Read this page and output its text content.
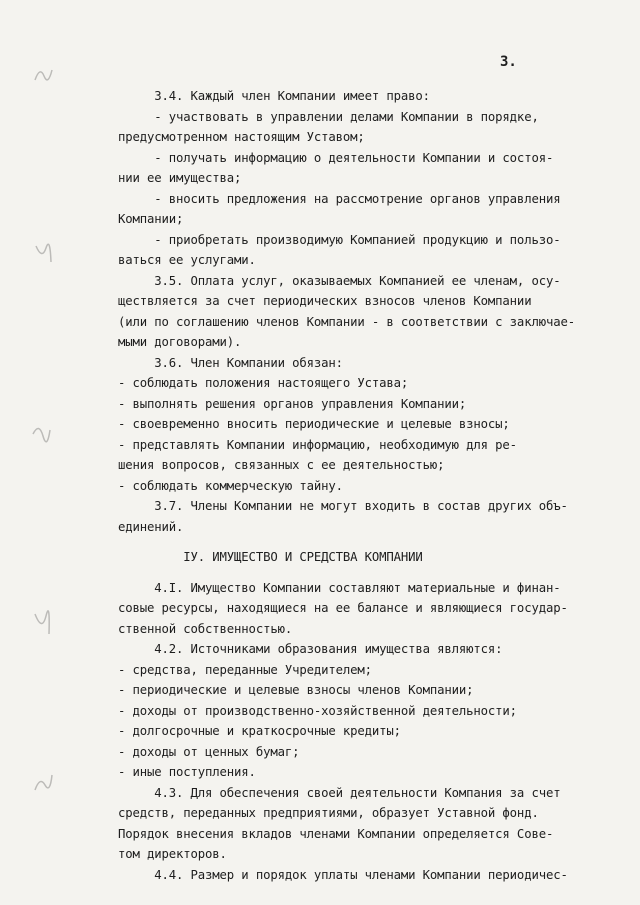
3.
3.4. Каждый член Компании имеет право:
- участвовать в управлении делами Компании в порядке,
предусмотренном настоящим Уставом;
- получать информацию о деятельности Компании и состоя-
нии ее имущества;
- вносить предложения на рассмотрение органов управления
Компании;
- приобретать производимую Компанией продукцию и пользо-
ваться ее услугами.
3.5. Оплата услуг, оказываемых Компанией ее членам, осу-
ществляется за счет периодических взносов членов Компании
(или по соглашению членов Компании - в соответствии с заключае-
мыми договорами).
3.6. Член Компании обязан:
- соблюдать положения настоящего Устава;
- выполнять решения органов управления Компании;
- своевременно вносить периодические и целевые взносы;
- представлять Компании информацию, необходимую для ре-
шения вопросов, связанных с ее деятельностью;
- соблюдать коммерческую тайну.
3.7. Члены Компании не могут входить в состав других объ-
единений.
IУ. ИМУЩЕСТВО И СРЕДСТВА КОМПАНИИ
4.I. Имущество Компании составляют материальные и финан-
совые ресурсы, находящиеся на ее балансе и являющиеся государ-
ственной собственностью.
4.2. Источниками образования имущества являются:
- средства, переданные Учредителем;
- периодические и целевые взносы членов Компании;
- доходы от производственно-хозяйственной деятельности;
- долгосрочные и краткосрочные кредиты;
- доходы от ценных бумаг;
- иные поступления.
4.3. Для обеспечения своей деятельности Компания за счет
средств, переданных предприятиями, образует Уставной фонд.
Порядок внесения вкладов членами Компании определяется Сове-
том директоров.
4.4. Размер и порядок уплаты членами Компании периодичес-
